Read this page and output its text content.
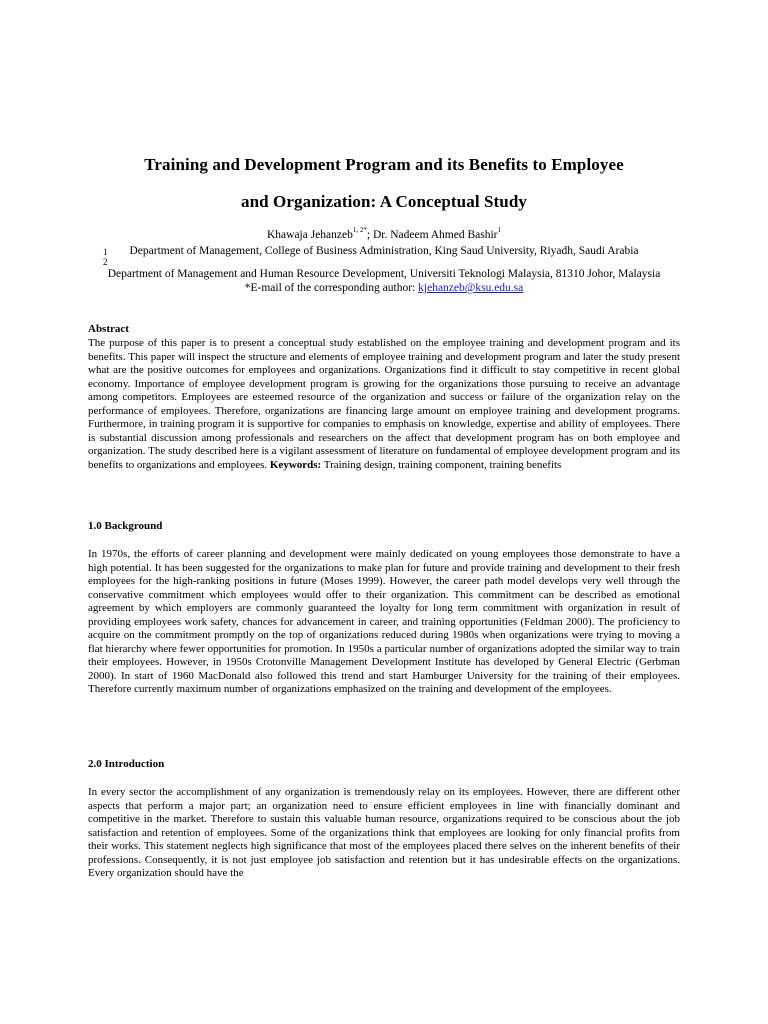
Training and Development Program and its Benefits to Employee
and Organization: A Conceptual Study
Khawaja Jehanzeb$^{1, 2*}$; Dr. Nadeem Ahmed Bashir$^1$
1	Department of Management, College of Business Administration, King Saud University, Riyadh, Saudi Arabia
2
Department of Management and Human Resource Development, Universiti Teknologi Malaysia, 81310 Johor, Malaysia
*E-mail of the corresponding author: kjehanzeb@ksu.edu.sa
Abstract
The purpose of this paper is to present a conceptual study established on the employee training and development program and its benefits. This paper will inspect the structure and elements of employee training and development program and later the study present what are the positive outcomes for employees and organizations. Organizations find it difficult to stay competitive in recent global economy. Importance of employee development program is growing for the organizations those pursuing to receive an advantage among competitors. Employees are esteemed resource of the organization and success or failure of the organization relay on the performance of employees. Therefore, organizations are financing large amount on employee training and development programs. Furthermore, in training program it is supportive for companies to emphasis on knowledge, expertise and ability of employees. There is substantial discussion among professionals and researchers on the affect that development program has on both employee and organization. The study described here is a vigilant assessment of literature on fundamental of employee development program and its benefits to organizations and employees. Keywords: Training design, training component, training benefits
1.0 Background
In 1970s, the efforts of career planning and development were mainly dedicated on young employees those demonstrate to have a high potential. It has been suggested for the organizations to make plan for future and provide training and development to their fresh employees for the high-ranking positions in future (Moses 1999). However, the career path model develops very well through the conservative commitment which employees would offer to their organization. This commitment can be described as emotional agreement by which employers are commonly guaranteed the loyalty for long term commitment with organization in result of providing employees work safety, chances for advancement in career, and training opportunities (Feldman 2000). The proficiency to acquire on the commitment promptly on the top of organizations reduced during 1980s when organizations were trying to moving a flat hierarchy where fewer opportunities for promotion. In 1950s a particular number of organizations adopted the similar way to train their employees. However, in 1950s Crotonville Management Development Institute has developed by General Electric (Gerbman 2000). In start of 1960 MacDonald also followed this trend and start Hamburger University for the training of their employees. Therefore currently maximum number of organizations emphasized on the training and development of the employees.
2.0 Introduction
In every sector the accomplishment of any organization is tremendously relay on its employees. However, there are different other aspects that perform a major part; an organization need to ensure efficient employees in line with financially dominant and competitive in the market. Therefore to sustain this valuable human resource, organizations required to be conscious about the job satisfaction and retention of employees. Some of the organizations think that employees are looking for only financial profits from their works. This statement neglects high significance that most of the employees placed there selves on the inherent benefits of their professions. Consequently, it is not just employee job satisfaction and retention but it has undesirable effects on the organizations. Every organization should have the
